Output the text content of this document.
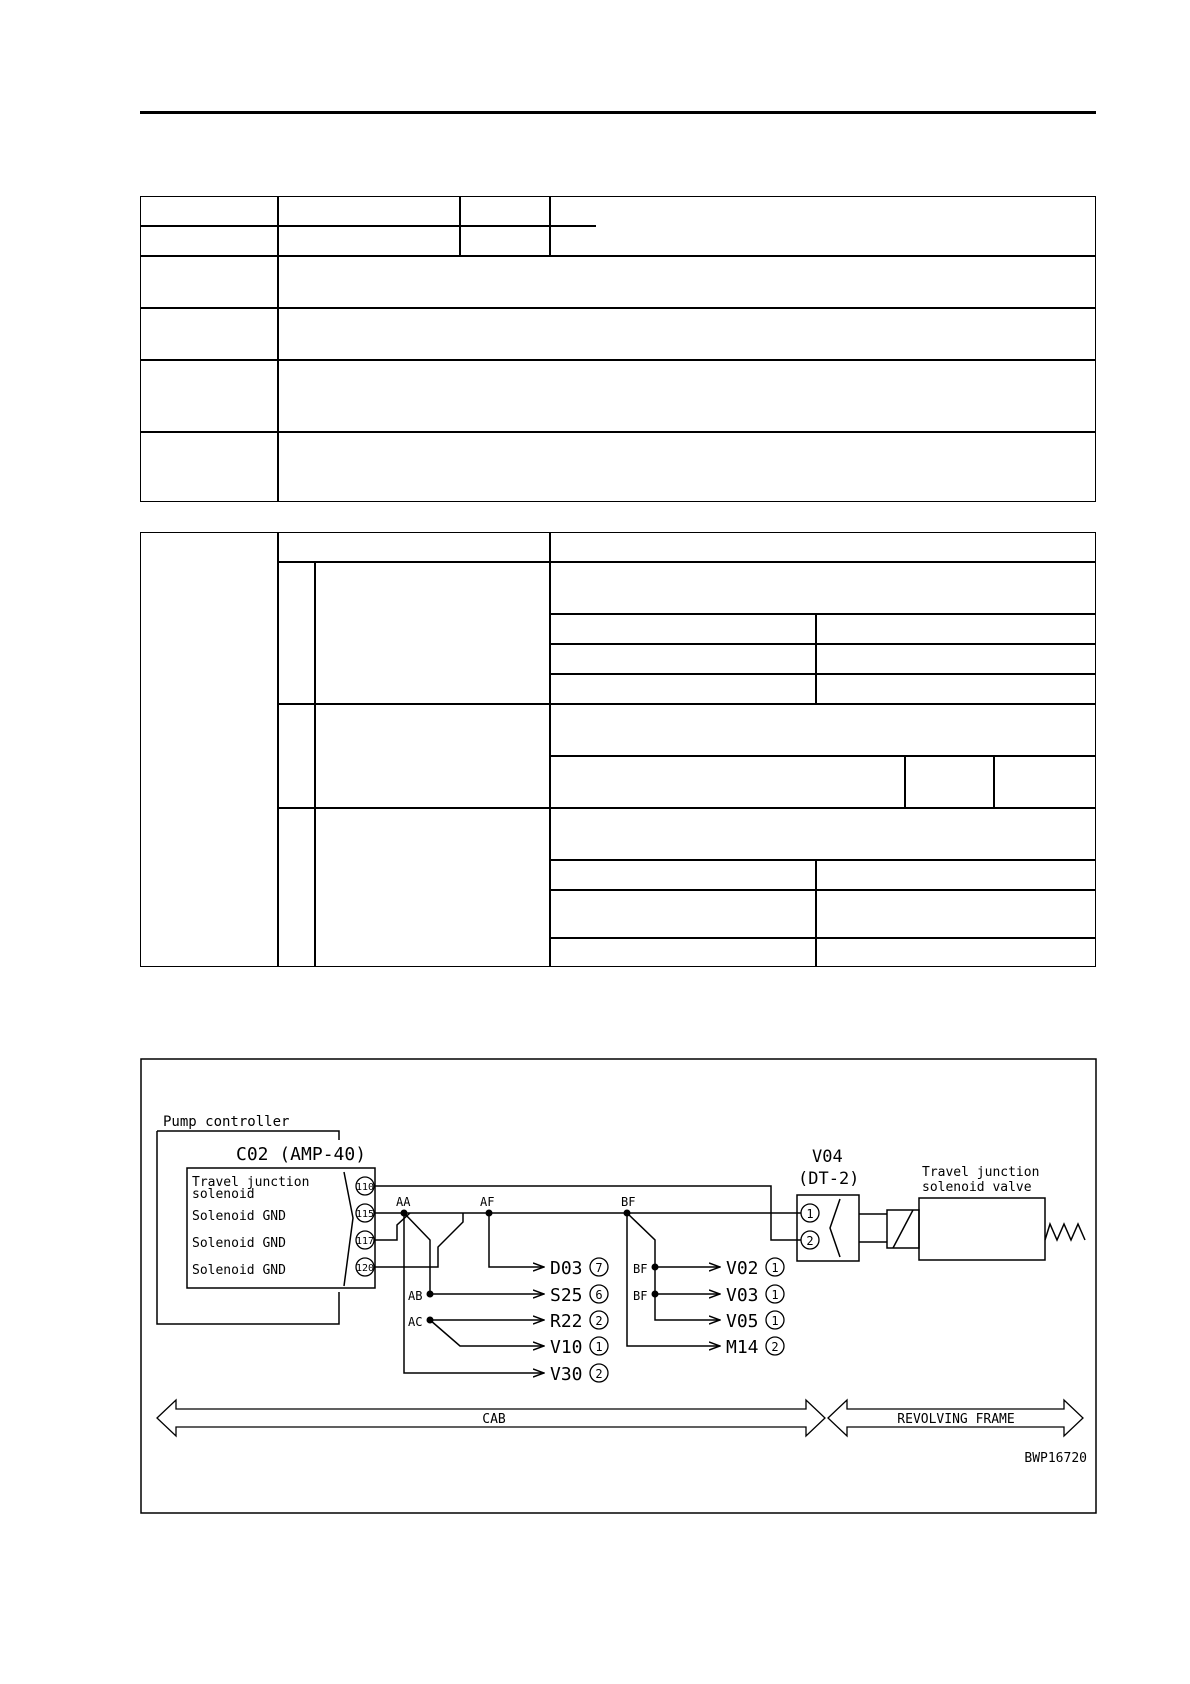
Pump controller
C02 (AMP-40)
Travel junction
solenoid
Solenoid GND
Solenoid GND
Solenoid GND
110
115
117
120
AA	AF	BF
AB
AC
BF
BF
D03 7
S25 6
R22 2
V10 1
V30 2
V02 1
V03 1
V05 1
M14 2
V04
(DT-2)
1
2
Travel junction
solenoid valve
CAB	REVOLVING FRAME
BWP16720
